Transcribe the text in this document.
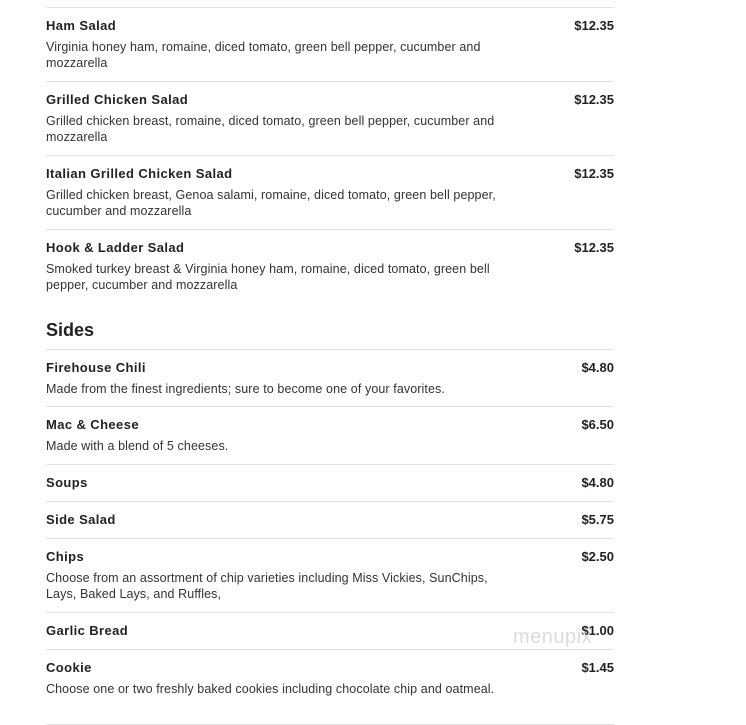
Ham Salad	$12.35
Virginia honey ham, romaine, diced tomato, green bell pepper, cucumber and mozzarella
Grilled Chicken Salad	$12.35
Grilled chicken breast, romaine, diced tomato, green bell pepper, cucumber and mozzarella
Italian Grilled Chicken Salad	$12.35
Grilled chicken breast, Genoa salami, romaine, diced tomato, green bell pepper, cucumber and mozzarella
Hook & Ladder Salad	$12.35
Smoked turkey breast & Virginia honey ham, romaine, diced tomato, green bell pepper, cucumber and mozzarella
Sides
Firehouse Chili	$4.80
Made from the finest ingredients; sure to become one of your favorites.
Mac & Cheese	$6.50
Made with a blend of 5 cheeses.
Soups	$4.80
Side Salad	$5.75
Chips	$2.50
Choose from an assortment of chip varieties including Miss Vickies, SunChips, Lays, Baked Lays, and Ruffles,
Garlic Bread	$1.00
Cookie	$1.45
Choose one or two freshly baked cookies including chocolate chip and oatmeal.
menupix
